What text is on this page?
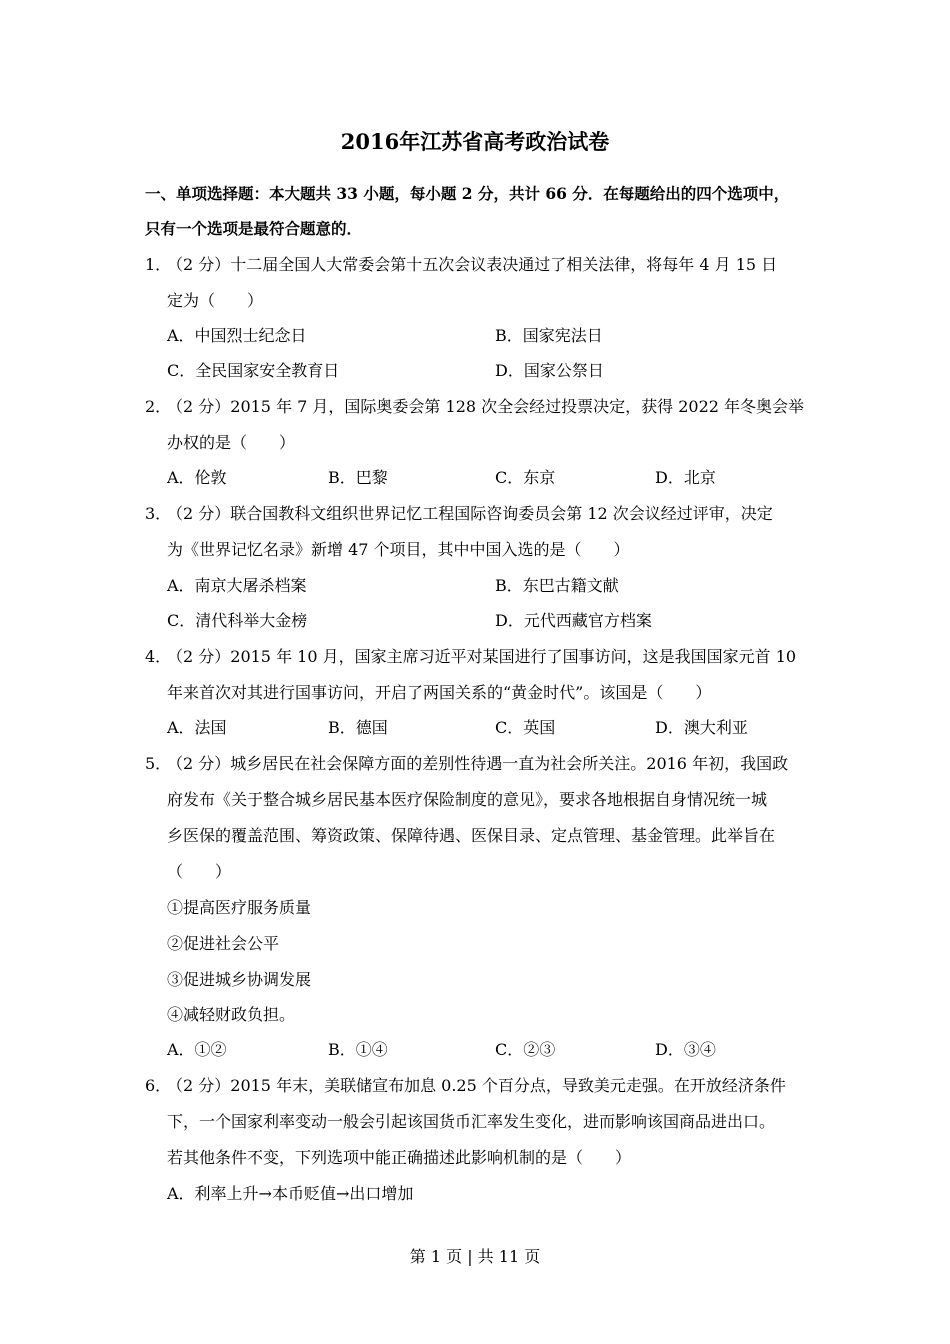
2016年江苏省高考政治试卷
一、单项选择题：本大题共 33 小题，每小题 2 分，共计 66 分．在每题给出的四个选项中，
只有一个选项是最符合题意的．
1．
（2 分）十二届全国人大常委会第十五次会议表决通过了相关法律，将每年 4 月 15 日
定为（　　）
A．中国烈士纪念日	B．国家宪法日
C．全民国家安全教育日	D．国家公祭日
2．
（2 分）2015 年 7 月，国际奥委会第 128 次全会经过投票决定，获得 2022 年冬奥会举
办权的是（　　）
A．伦敦	B．巴黎	C．东京	D．北京
3．
（2 分）联合国教科文组织世界记忆工程国际咨询委员会第 12 次会议经过评审，决定
为《世界记忆名录》新增 47 个项目，其中中国入选的是（　　）
A．南京大屠杀档案	B．东巴古籍文献
C．清代科举大金榜	D．元代西藏官方档案
4．
（2 分）2015 年 10 月，国家主席习近平对某国进行了国事访问，这是我国国家元首 10
年来首次对其进行国事访问，开启了两国关系的“黄金时代”。该国是（　　）
A．法国	B．德国	C．英国	D．澳大利亚
5．
（2 分）城乡居民在社会保障方面的差别性待遇一直为社会所关注。2016 年初，我国政
府发布《关于整合城乡居民基本医疗保险制度的意见》，要求各地根据自身情况统一城
乡医保的覆盖范围、筹资政策、保障待遇、医保目录、定点管理、基金管理。此举旨在
（　　）
①提高医疗服务质量
②促进社会公平
③促进城乡协调发展
④减轻财政负担。
A．①②	B．①④	C．②③	D．③④
6．
（2 分）2015 年末，美联储宣布加息 0.25 个百分点，导致美元走强。在开放经济条件
下，一个国家利率变动一般会引起该国货币汇率发生变化，进而影响该国商品进出口。
若其他条件不变，下列选项中能正确描述此影响机制的是（　　）
A．利率上升→本币贬值→出口增加
第 1 页 | 共 11 页
